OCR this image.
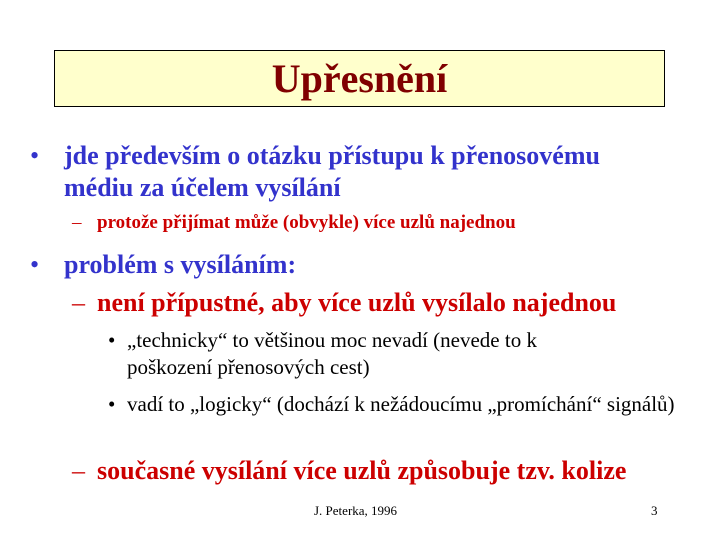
Upřesnění
• jde především o otázku přístupu k přenosovému médiu za účelem vysílání
– protože přijímat může (obvykle) více uzlů najednou
• problém s vysíláním:
– není přípustné, aby více uzlů vysílalo najednou
• „technicky“ to většinou moc nevadí (nevede to k poškození přenosových cest)
• vadí to „logicky“ (dochází k nežádoucímu „promíchání“ signálů)
– současné vysílání více uzlů způsobuje tzv. kolize
J. Peterka, 1996	3
